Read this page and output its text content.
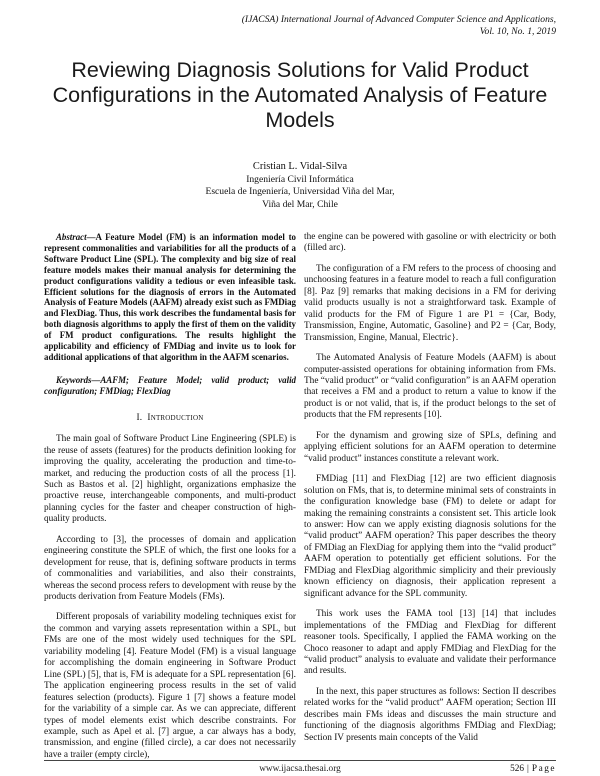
(IJACSA) International Journal of Advanced Computer Science and Applications,
Vol. 10, No. 1, 2019
Reviewing Diagnosis Solutions for Valid Product
Configurations in the Automated Analysis of Feature
Models
Cristian L. Vidal-Silva
Ingeniería Civil Informática
Escuela de Ingeniería, Universidad Viña del Mar,
Viña del Mar, Chile
Abstract—A Feature Model (FM) is an information model to represent commonalities and variabilities for all the products of a Software Product Line (SPL). The complexity and big size of real feature models makes their manual analysis for determining the product configurations validity a tedious or even infeasible task. Efficient solutions for the diagnosis of errors in the Automated Analysis of Feature Models (AAFM) already exist such as FMDiag and FlexDiag. Thus, this work describes the fundamental basis for both diagnosis algorithms to apply the first of them on the validity of FM product configurations. The results highlight the applicability and efficiency of FMDiag and invite us to look for additional applications of that algorithm in the AAFM scenarios.
Keywords—AAFM; Feature Model; valid product; valid configuration; FMDiag; FlexDiag
I. Introduction

The main goal of Software Product Line Engineering (SPLE) is the reuse of assets (features) for the products definition looking for improving the quality, accelerating the production and time-to-market, and reducing the production costs of all the process [1]. Such as Bastos et al. [2] highlight, organizations emphasize the proactive reuse, interchangeable components, and multi-product planning cycles for the faster and cheaper construction of high-quality products.

According to [3], the processes of domain and application engineering constitute the SPLE of which, the first one looks for a development for reuse, that is, defining software products in terms of commonalities and variabilities, and also their constraints, whereas the second process refers to development with reuse by the products derivation from Feature Models (FMs).

Different proposals of variability modeling techniques exist for the common and varying assets representation within a SPL, but FMs are one of the most widely used techniques for the SPL variability modeling [4]. Feature Model (FM) is a visual language for accomplishing the domain engineering in Software Product Line (SPL) [5], that is, FM is adequate for a SPL representation [6]. The application engineering process results in the set of valid features selection (products). Figure 1 [7] shows a feature model for the variability of a simple car. As we can appreciate, different types of model elements exist which describe constraints. For example, such as Apel et al. [7] argue, a car always has a body, transmission, and engine (filled circle), a car does not necessarily have a trailer (empty circle),

the engine can be powered with gasoline or with electricity or both (filled arc).

The configuration of a FM refers to the process of choosing and unchoosing features in a feature model to reach a full configuration [8]. Paz [9] remarks that making decisions in a FM for deriving valid products usually is not a straightforward task. Example of valid products for the FM of Figure 1 are P1 = {Car, Body, Transmission, Engine, Automatic, Gasoline} and P2 = {Car, Body, Transmission, Engine, Manual, Electric}.

The Automated Analysis of Feature Models (AAFM) is about computer-assisted operations for obtaining information from FMs. The “valid product” or “valid configuration” is an AAFM operation that receives a FM and a product to return a value to know if the product is or not valid, that is, if the product belongs to the set of products that the FM represents [10].

For the dynamism and growing size of SPLs, defining and applying efficient solutions for an AAFM operation to determine “valid product” instances constitute a relevant work.

FMDiag [11] and FlexDiag [12] are two efficient diagnosis solution on FMs, that is, to determine minimal sets of constraints in the configuration knowledge base (FM) to delete or adapt for making the remaining constraints a consistent set. This article look to answer: How can we apply existing diagnosis solutions for the “valid product” AAFM operation? This paper describes the theory of FMDiag an FlexDiag for applying them into the “valid product” AAFM operation to potentially get efficient solutions. For the FMDiag and FlexDiag algorithmic simplicity and their previously known efficiency on diagnosis, their application represent a significant advance for the SPL community.

This work uses the FAMA tool [13] [14] that includes implementations of the FMDiag and FlexDiag for different reasoner tools. Specifically, I applied the FAMA working on the Choco reasoner to adapt and apply FMDiag and FlexDiag for the “valid product” analysis to evaluate and validate their performance and results.

In the next, this paper structures as follows: Section II describes related works for the “valid product” AAFM operation; Section III describes main FMs ideas and discusses the main structure and functioning of the diagnosis algorithms FMDiag and FlexDiag; Section IV presents main concepts of the Valid

www.ijacsa.thesai.org	526 | Page
